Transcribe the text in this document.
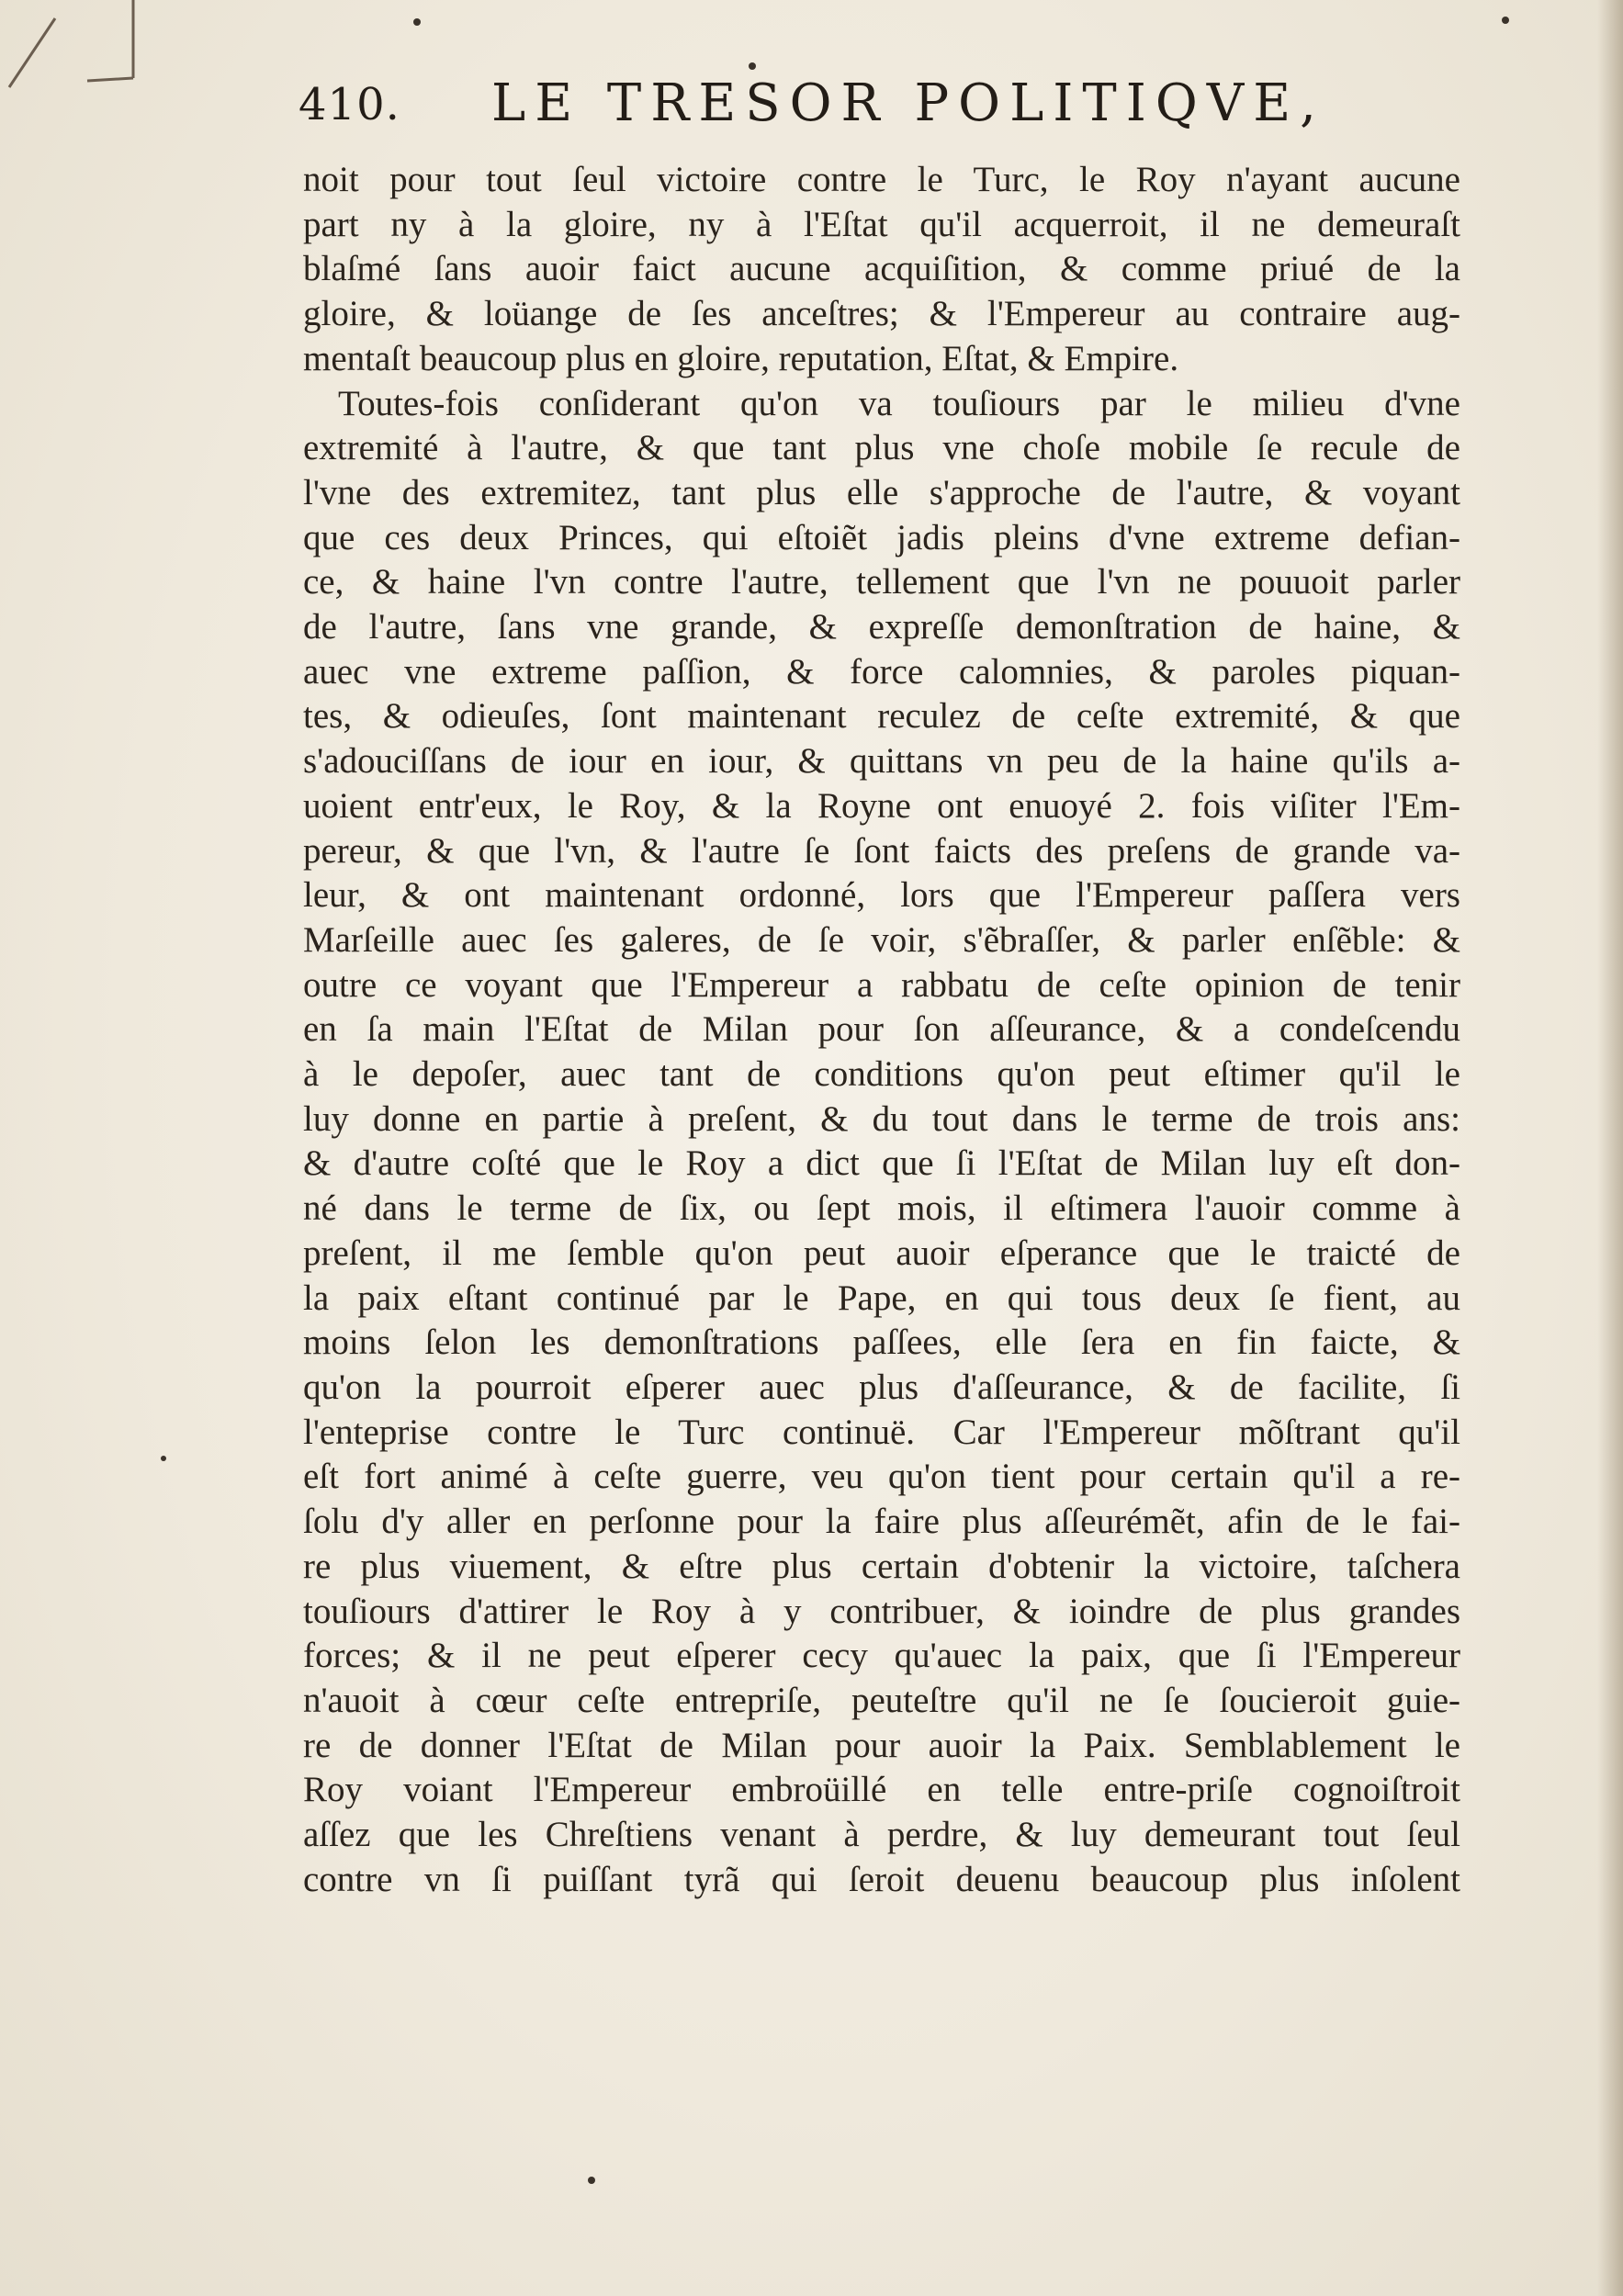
410. LE TRESOR POLITIQVE,
noit pour tout ſeul victoire contre le Turc, le Roy n'ayant aucune
part ny à la gloire, ny à l'Eſtat qu'il acquerroit, il ne demeuraſt
blaſmé ſans auoir faict aucune acquiſition, & comme priué de la
gloire, & loüange de ſes anceſtres; & l'Empereur au contraire aug-
mentaſt beaucoup plus en gloire, reputation, Eſtat, & Empire.
Toutes-fois conſiderant qu'on va touſiours par le milieu d'vne
extremité à l'autre, & que tant plus vne choſe mobile ſe recule de
l'vne des extremitez, tant plus elle s'approche de l'autre, & voyant
que ces deux Princes, qui eſtoiẽt jadis pleins d'vne extreme defian-
ce, & haine l'vn contre l'autre, tellement que l'vn ne pouuoit parler
de l'autre, ſans vne grande, & expreſſe demonſtration de haine, &
auec vne extreme paſſion, & force calomnies, & paroles piquan-
tes, & odieuſes, ſont maintenant reculez de ceſte extremité, & que
s'adouciſſans de iour en iour, & quittans vn peu de la haine qu'ils a-
uoient entr'eux, le Roy, & la Royne ont enuoyé 2. fois viſiter l'Em-
pereur, & que l'vn, & l'autre ſe ſont faicts des preſens de grande va-
leur, & ont maintenant ordonné, lors que l'Empereur paſſera vers
Marſeille auec ſes galeres, de ſe voir, s'ẽbraſſer, & parler enſẽble: &
outre ce voyant que l'Empereur a rabbatu de ceſte opinion de tenir
en ſa main l'Eſtat de Milan pour ſon aſſeurance, & a condeſcendu
à le depoſer, auec tant de conditions qu'on peut eſtimer qu'il le
luy donne en partie à preſent, & du tout dans le terme de trois ans:
& d'autre coſté que le Roy a dict que ſi l'Eſtat de Milan luy eſt don-
né dans le terme de ſix, ou ſept mois, il eſtimera l'auoir comme à
preſent, il me ſemble qu'on peut auoir eſperance que le traicté de
la paix eſtant continué par le Pape, en qui tous deux ſe fient, au
moins ſelon les demonſtrations paſſees, elle ſera en fin faicte, &
qu'on la pourroit eſperer auec plus d'aſſeurance, & de facilite, ſi
l'enteprise contre le Turc continuë. Car l'Empereur mõſtrant qu'il
eſt fort animé à ceſte guerre, veu qu'on tient pour certain qu'il a re-
ſolu d'y aller en perſonne pour la faire plus aſſeurémẽt, afin de le fai-
re plus viuement, & eſtre plus certain d'obtenir la victoire, taſchera
touſiours d'attirer le Roy à y contribuer, & ioindre de plus grandes
forces; & il ne peut eſperer cecy qu'auec la paix, que ſi l'Empereur
n'auoit à cœur ceſte entrepriſe, peuteſtre qu'il ne ſe ſoucieroit guie-
re de donner l'Eſtat de Milan pour auoir la Paix. Semblablement le
Roy voiant l'Empereur embroüillé en telle entre-priſe cognoiſtroit
aſſez que les Chreſtiens venant à perdre, & luy demeurant tout ſeul
contre vn ſi puiſſant tyrã qui ſeroit deuenu beaucoup plus inſolent
